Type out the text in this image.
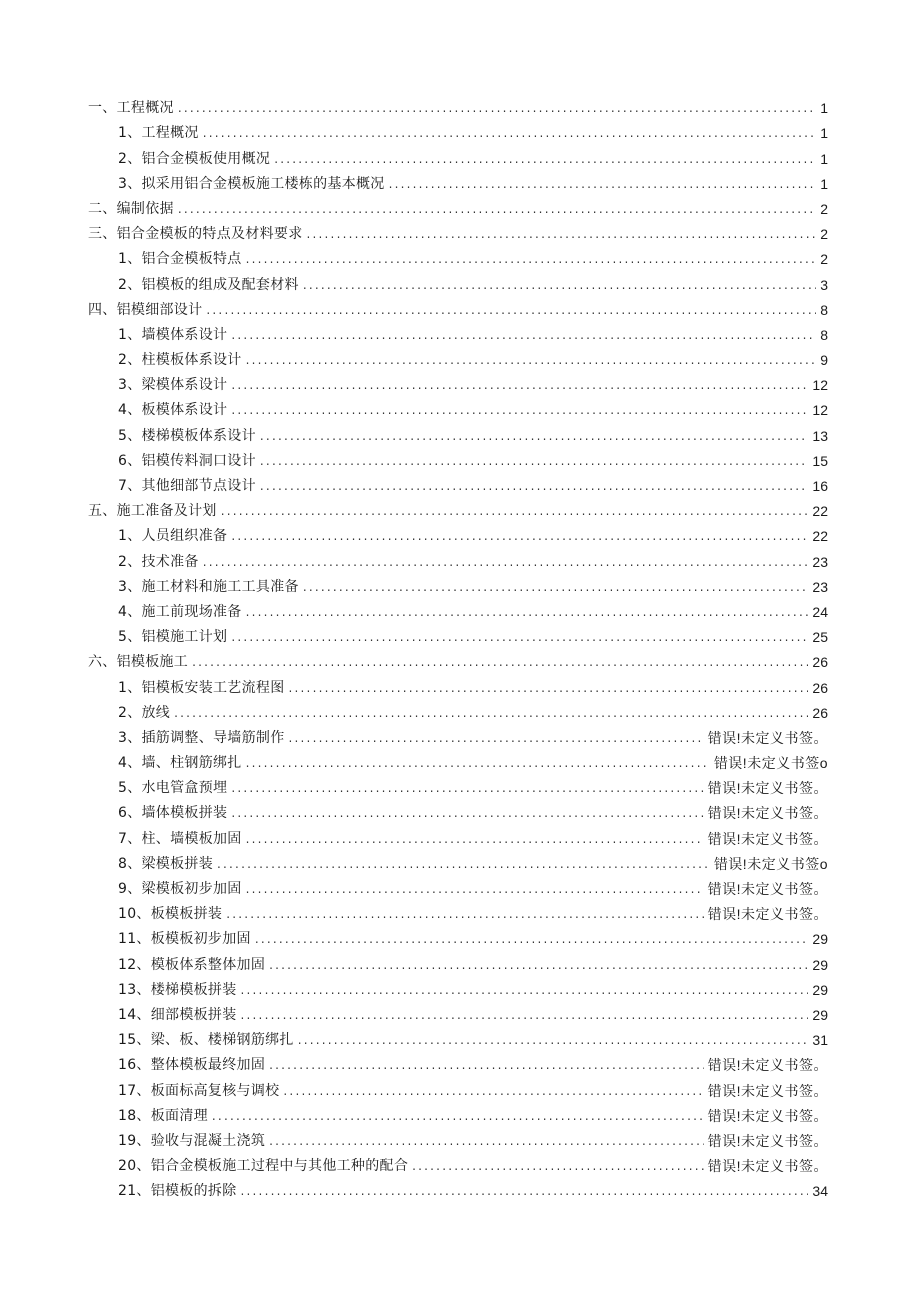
一、工程概况 .....	1
1、工程概况 .....	1
2、铝合金模板使用概况 .....	1
3、拟采用铝合金模板施工楼栋的基本概况 .....	1
二、编制依据 .....	2
三、铝合金模板的特点及材料要求 .....	2
1、铝合金模板特点 .....	2
2、铝模板的组成及配套材料 .....	3
四、铝模细部设计 .....	8
1、墙模体系设计 .....	8
2、柱模板体系设计 .....	9
3、梁模体系设计 .....	12
4、板模体系设计 .....	12
5、楼梯模板体系设计 .....	13
6、铝模传料洞口设计 .....	15
7、其他细部节点设计 .....	16
五、施工准备及计划 .....	22
1、人员组织准备 .....	22
2、技术准备 .....	23
3、施工材料和施工工具准备 .....	23
4、施工前现场准备 .....	24
5、铝模施工计划 .....	25
六、铝模板施工 .....	26
1、铝模板安装工艺流程图 .....	26
2、放线 .....	26
3、插筋调整、导墙筋制作 .....	错误!未定义书签。
4、墙、柱钢筋绑扎 .....	错误!未定义书签o
5、水电管盒预埋 .....	错误!未定义书签。
6、墙体模板拼装 .....	错误!未定义书签。
7、柱、墙模板加固 .....	错误!未定义书签。
8、梁模板拼装 .....	错误!未定义书签o
9、梁模板初步加固 .....	错误!未定义书签。
10、板模板拼装 .....	错误!未定义书签。
11、板模板初步加固 .....	29
12、模板体系整体加固 .....	29
13、楼梯模板拼装 .....	29
14、细部模板拼装 .....	29
15、梁、板、楼梯钢筋绑扎 .....	31
16、整体模板最终加固 .....	错误!未定义书签。
17、板面标高复核与调校 .....	错误!未定义书签。
18、板面清理 .....	错误!未定义书签。
19、验收与混凝土浇筑 .....	错误!未定义书签。
20、铝合金模板施工过程中与其他工种的配合 .....	错误!未定义书签。
21、铝模板的拆除 .....	34
